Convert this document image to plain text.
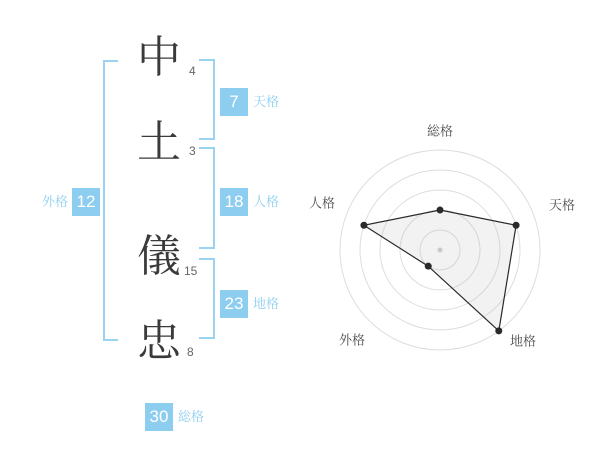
中
土
儀
忠
4
3
15
8
7
18
23
12
30
天格
人格
地格
外格
総格
総格
天格
地格
外格
人格
